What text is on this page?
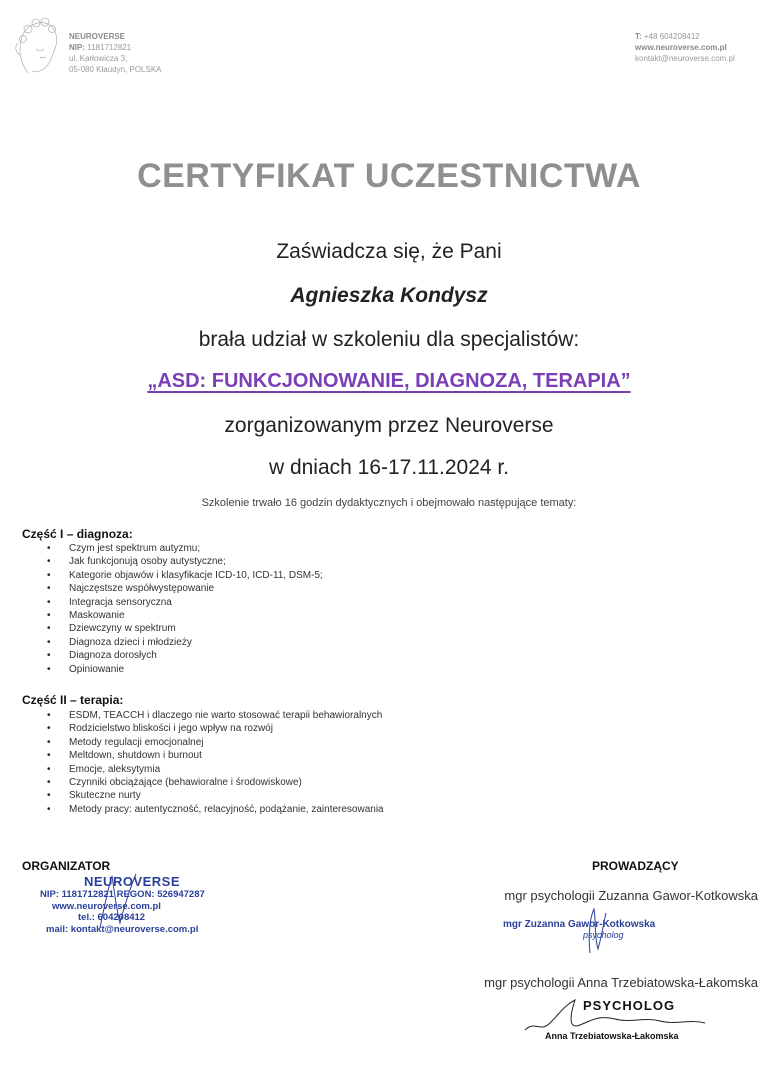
NEUROVERSE
NIP: 1181712821
ul. Karłowicza 3,
05-080 Kłaudyn, POLSKA
T: +48 604208412
www.neuroverse.com.pl
kontakt@neuroverse.com.pl
CERTYFIKAT UCZESTNICTWA
Zaświadcza się, że Pani
Agnieszka Kondysz
brała udział w szkoleniu dla specjalistów:
„ASD: FUNKCJONOWANIE, DIAGNOZA, TERAPIA”
zorganizowanym przez Neuroverse
w dniach 16-17.11.2024 r.
Szkolenie trwało 16 godzin dydaktycznych i obejmowało następujące tematy:
Część I – diagnoza:
• Czym jest spektrum autyzmu;
• Jak funkcjonują osoby autystyczne;
• Kategorie objawów i klasyfikacje ICD-10, ICD-11, DSM-5;
• Najczęstsze współwystępowanie
• Integracja sensoryczna
• Maskowanie
• Dziewczyny w spektrum
• Diagnoza dzieci i młodzieży
• Diagnoza dorosłych
• Opiniowanie
Część II – terapia:
• ESDM, TEACCH i dlaczego nie warto stosować terapii behawioralnych
• Rodzicielstwo bliskości i jego wpływ na rozwój
• Metody regulacji emocjonalnej
• Meltdown, shutdown i burnout
• Emocje, aleksytymia
• Czynniki obciążające (behawioralne i środowiskowe)
• Skuteczne nurty
• Metody pracy: autentyczność, relacyjność, podążanie, zainteresowania
ORGANIZATOR	PROWADZĄCY
NEUROVERSE
NIP: 1181712821 REGON: 526947287
www.neuroverse.com.pl
tel.: 604208412
mail: kontakt@neuroverse.com.pl
mgr psychologii Zuzanna Gawor-Kotkowska
mgr Zuzanna Gawor-Kotkowska
psycholog
mgr psychologii Anna Trzebiatowska-Łakomska
PSYCHOLOG
Anna Trzebiatowska-Łakomska
